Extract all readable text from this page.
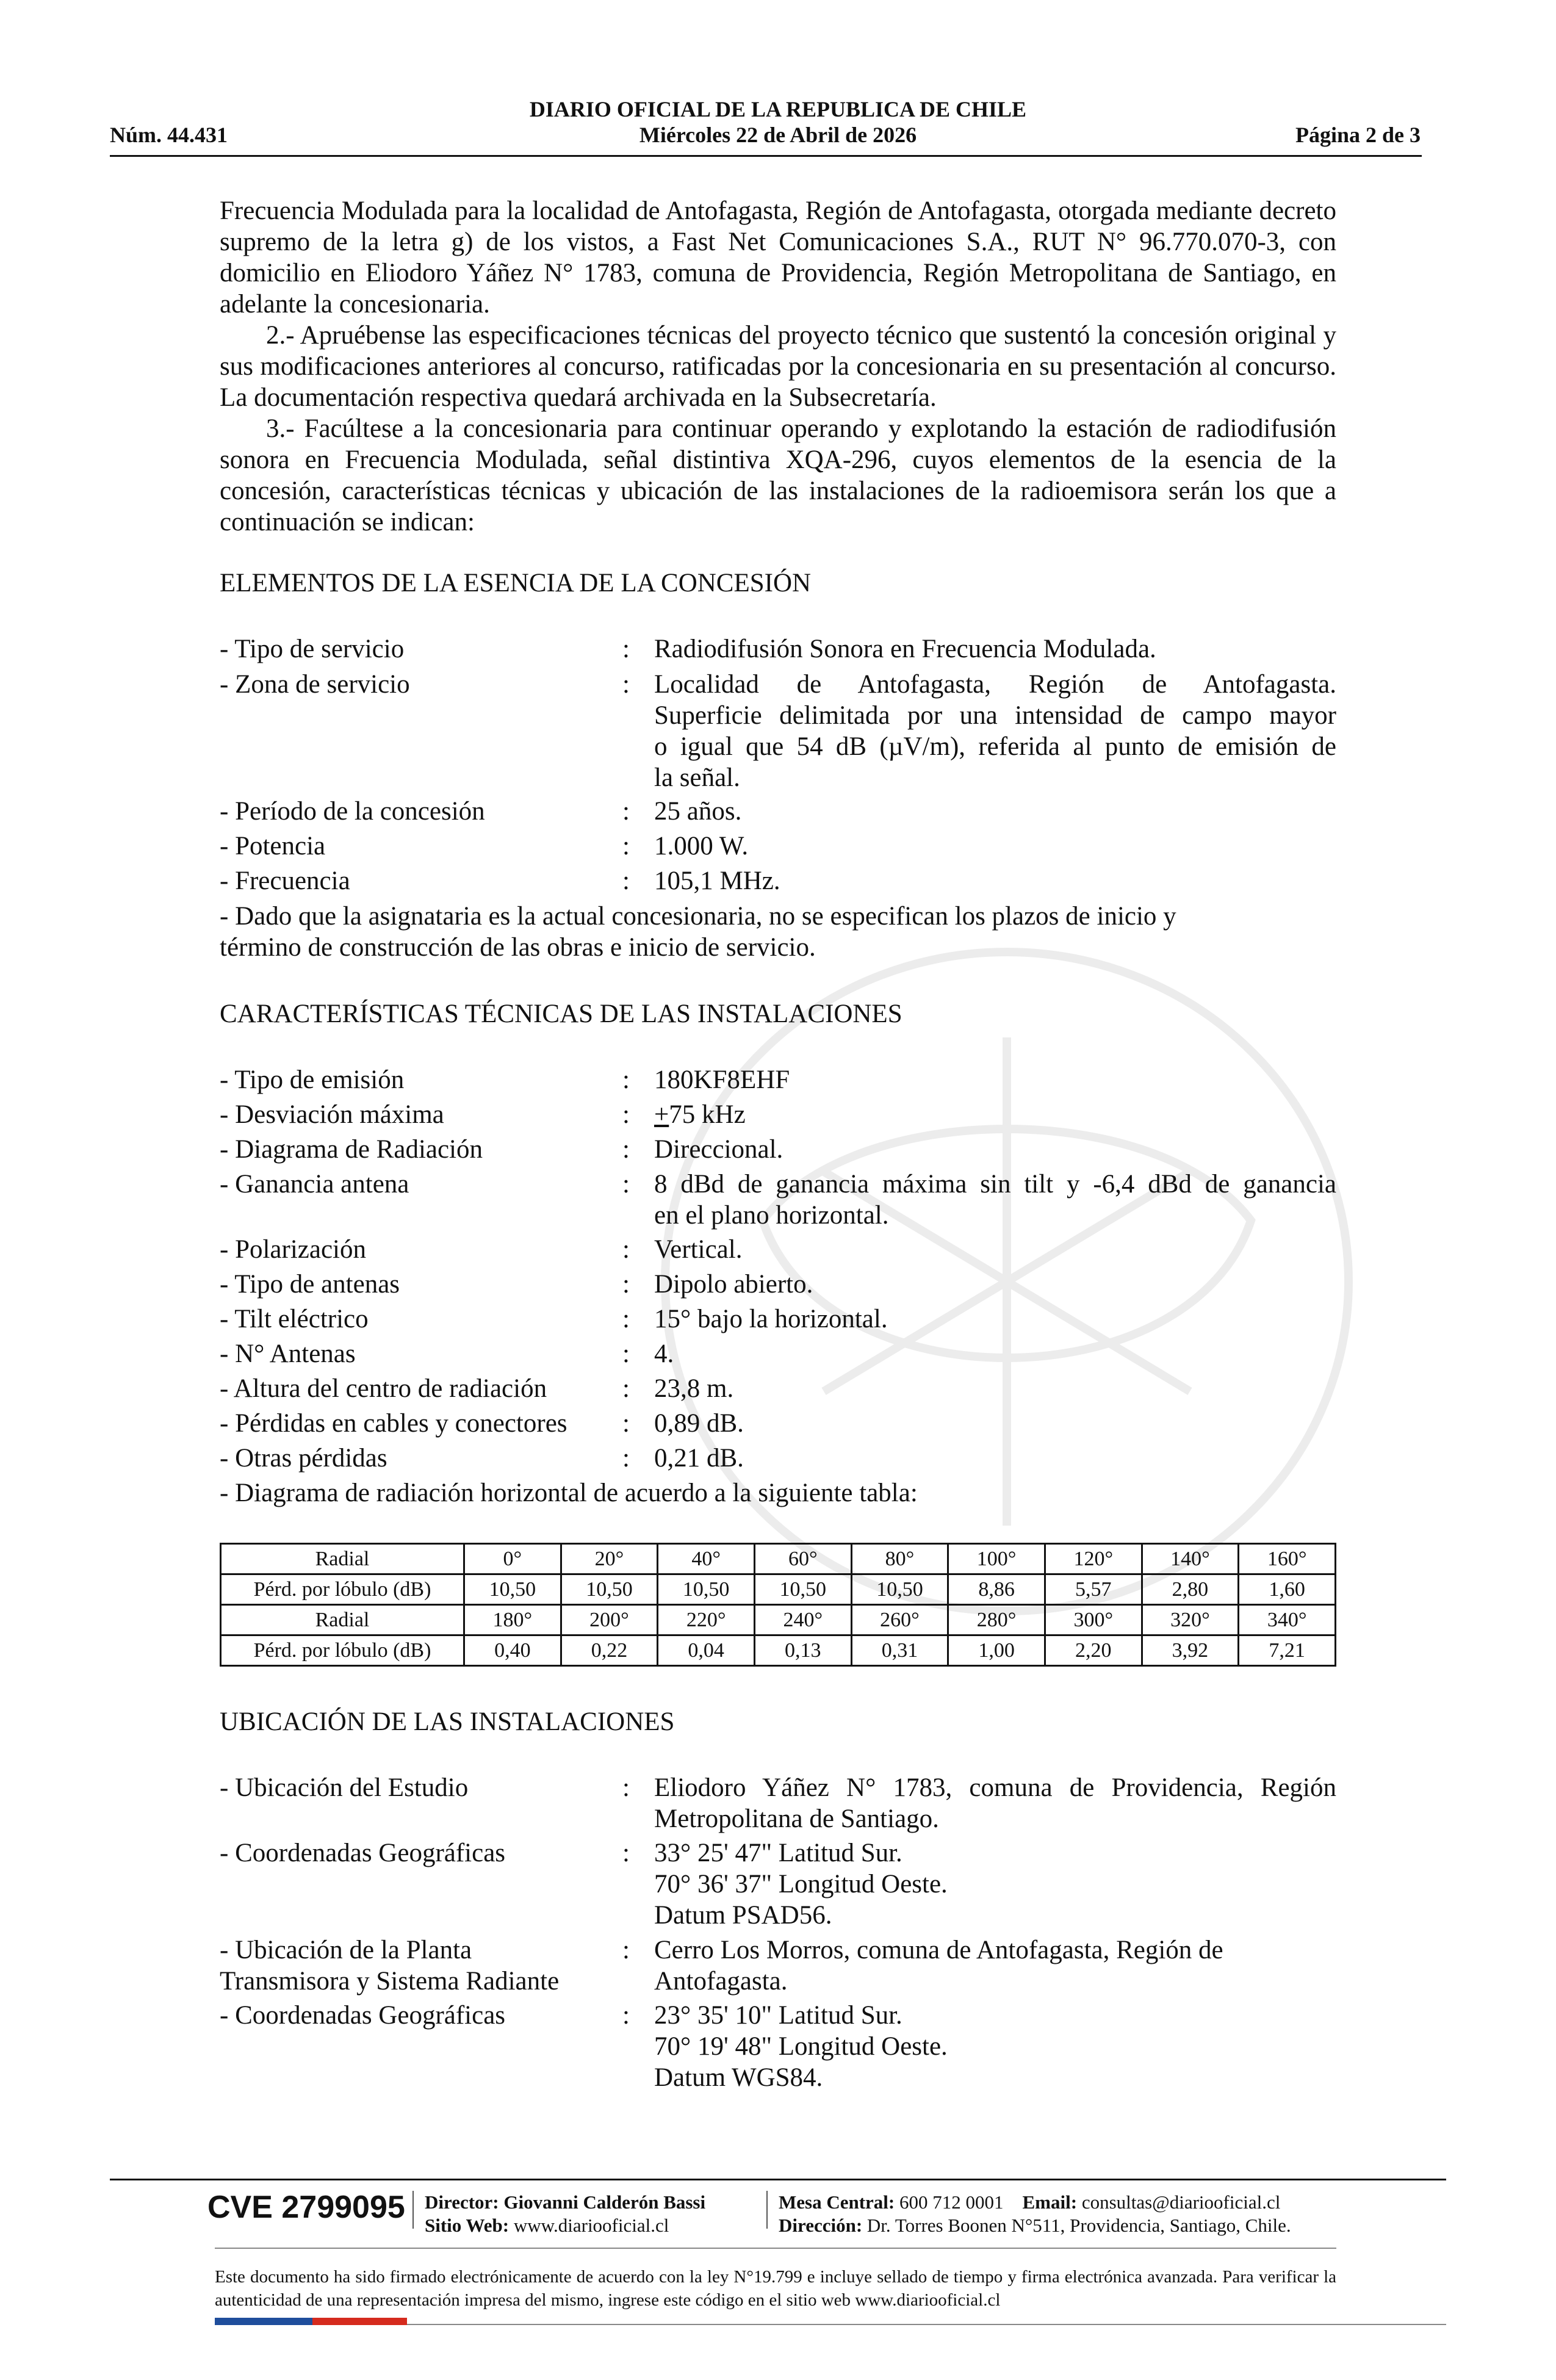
DIARIO OFICIAL DE LA REPUBLICA DE CHILE
Núm. 44.431	Miércoles 22 de Abril de 2026	Página 2 de 3

Frecuencia Modulada para la localidad de Antofagasta, Región de Antofagasta, otorgada mediante decreto supremo de la letra g) de los vistos, a Fast Net Comunicaciones S.A., RUT N° 96.770.070-3, con domicilio en Eliodoro Yáñez N° 1783, comuna de Providencia, Región Metropolitana de Santiago, en adelante la concesionaria.

2.- Apruébense las especificaciones técnicas del proyecto técnico que sustentó la concesión original y sus modificaciones anteriores al concurso, ratificadas por la concesionaria en su presentación al concurso. La documentación respectiva quedará archivada en la Subsecretaría.

3.- Facúltese a la concesionaria para continuar operando y explotando la estación de radiodifusión sonora en Frecuencia Modulada, señal distintiva XQA-296, cuyos elementos de la esencia de la concesión, características técnicas y ubicación de las instalaciones de la radioemisora serán los que a continuación se indican:

ELEMENTOS DE LA ESENCIA DE LA CONCESIÓN
- Tipo de servicio	: Radiodifusión Sonora en Frecuencia Modulada.
- Zona de servicio	: Localidad de Antofagasta, Región de Antofagasta.
Superficie delimitada por una intensidad de campo mayor
o igual que 54 dB (µV/m), referida al punto de emisión de
la señal.
- Período de la concesión	: 25 años.
- Potencia	: 1.000 W.
- Frecuencia	: 105,1 MHz.
- Dado que la asignataria es la actual concesionaria, no se especifican los plazos de inicio y
término de construcción de las obras e inicio de servicio.
CARACTERÍSTICAS TÉCNICAS DE LAS INSTALACIONES
- Tipo de emisión	: 180KF8EHF
- Desviación máxima	: +75 kHz
- Diagrama de Radiación	: Direccional.
- Ganancia antena	: 8 dBd de ganancia máxima sin tilt y -6,4 dBd de ganancia
en el plano horizontal.
- Polarización	: Vertical.
- Tipo de antenas	: Dipolo abierto.
- Tilt eléctrico	: 15° bajo la horizontal.
- N° Antenas	: 4.
- Altura del centro de radiación	: 23,8 m.
- Pérdidas en cables y conectores	: 0,89 dB.
- Otras pérdidas	: 0,21 dB.
- Diagrama de radiación horizontal de acuerdo a la siguiente tabla:
Radial	0°	20°	40°	60°	80°	100°	120°	140°	160°
Pérd. por lóbulo (dB)	10,50	10,50	10,50	10,50	10,50	8,86	5,57	2,80	1,60
Radial	180°	200°	220°	240°	260°	280°	300°	320°	340°
Pérd. por lóbulo (dB)	0,40	0,22	0,04	0,13	0,31	1,00	2,20	3,92	7,21
UBICACIÓN DE LAS INSTALACIONES
- Ubicación del Estudio	: Eliodoro Yáñez N° 1783, comuna de Providencia, Región
Metropolitana de Santiago.
- Coordenadas Geográficas	: 33° 25' 47" Latitud Sur.
70° 36' 37" Longitud Oeste.
Datum PSAD56.
- Ubicación de la Planta
Transmisora y Sistema Radiante
: Cerro Los Morros, comuna de Antofagasta, Región de
Antofagasta.
- Coordenadas Geográficas	: 23° 35' 10" Latitud Sur.
70° 19' 48" Longitud Oeste.
Datum WGS84.
CVE 2799095 Director: Giovanni Calderón Bassi
Sitio Web: www.diariooficial.cl
Mesa Central: 600 712 0001 Email: consultas@diariooficial.cl
Dirección: Dr. Torres Boonen N°511, Providencia, Santiago, Chile.
Este documento ha sido firmado electrónicamente de acuerdo con la ley N°19.799 e incluye sellado de tiempo y firma electrónica avanzada. Para verificar la autenticidad de una representación impresa del mismo, ingrese este código en el sitio web www.diariooficial.cl
